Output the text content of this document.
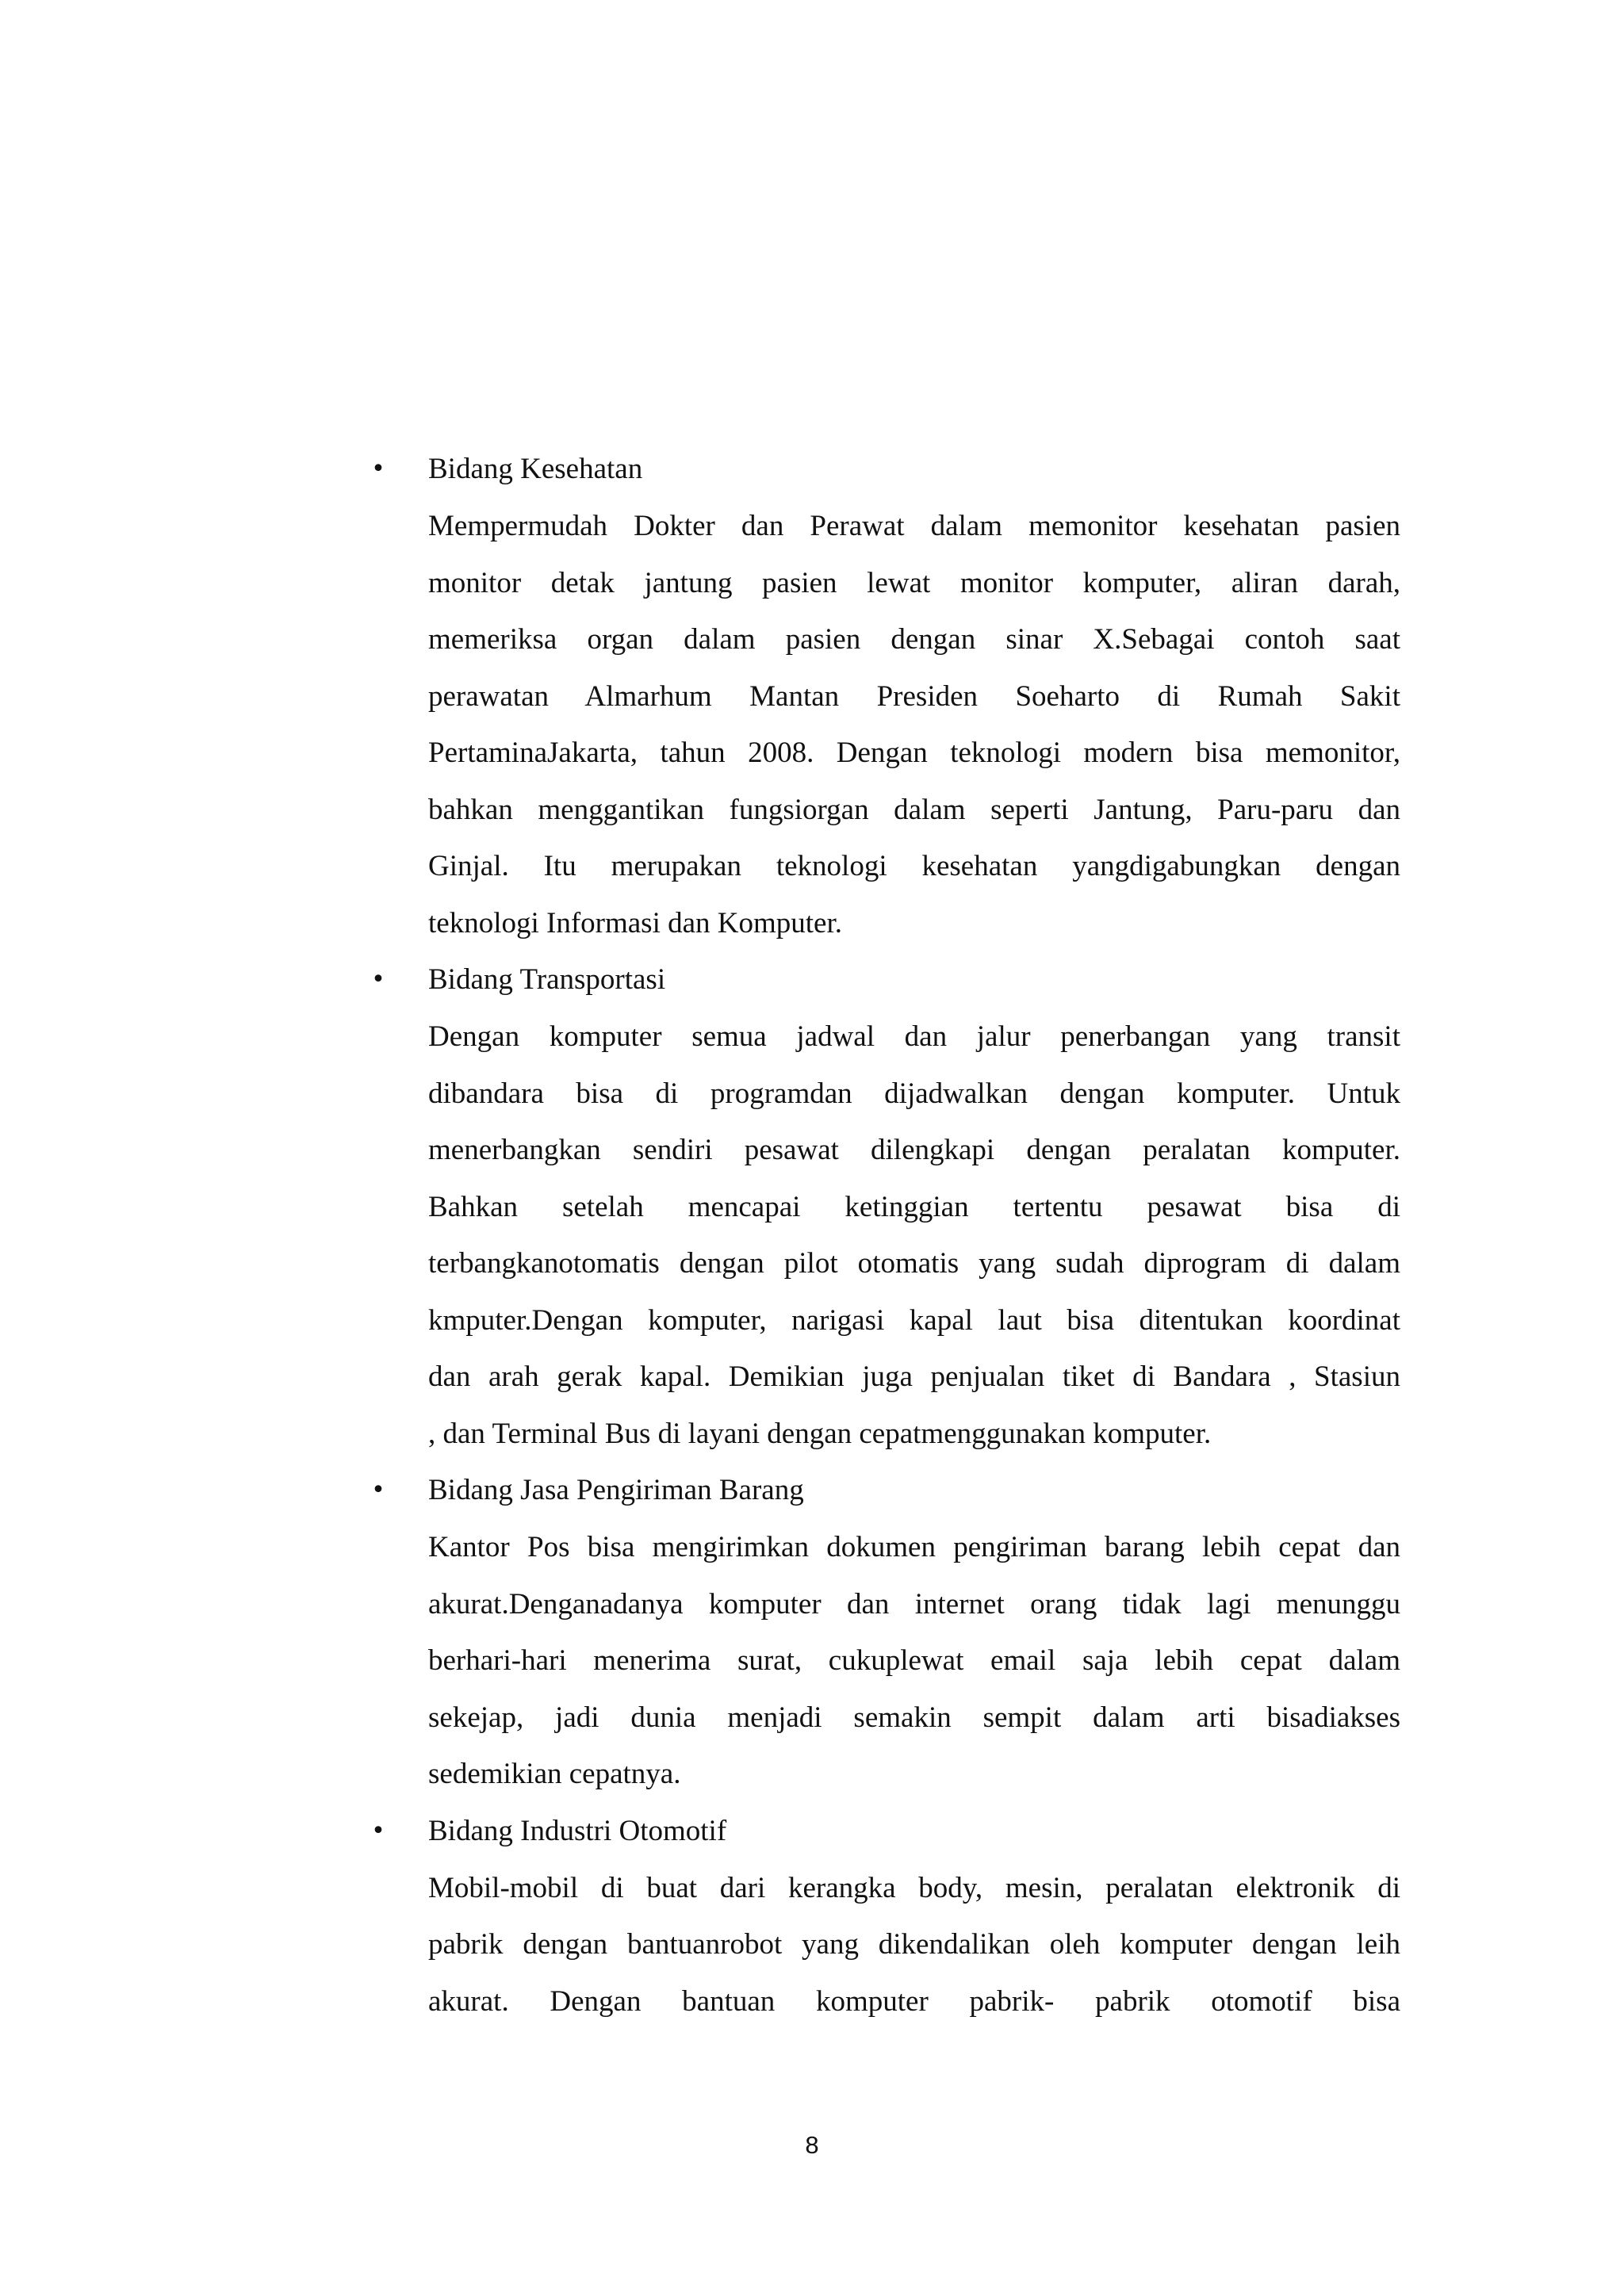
• Bidang Kesehatan
Mempermudah Dokter dan Perawat dalam memonitor kesehatan pasien
monitor detak jantung pasien lewat monitor komputer, aliran darah,
memeriksa organ dalam pasien dengan sinar X.Sebagai contoh saat
perawatan Almarhum Mantan Presiden Soeharto di Rumah Sakit
PertaminaJakarta, tahun 2008. Dengan teknologi modern bisa memonitor,
bahkan menggantikan fungsiorgan dalam seperti Jantung, Paru-paru dan
Ginjal. Itu merupakan teknologi kesehatan yangdigabungkan dengan
teknologi Informasi dan Komputer.
• Bidang Transportasi
Dengan komputer semua jadwal dan jalur penerbangan yang transit
dibandara bisa di programdan dijadwalkan dengan komputer. Untuk
menerbangkan sendiri pesawat dilengkapi dengan peralatan komputer.
Bahkan setelah mencapai ketinggian tertentu pesawat bisa di
terbangkanotomatis dengan pilot otomatis yang sudah diprogram di dalam
kmputer.Dengan komputer, narigasi kapal laut bisa ditentukan koordinat
dan arah gerak kapal. Demikian juga penjualan tiket di Bandara , Stasiun
, dan Terminal Bus di layani dengan cepatmenggunakan komputer.
• Bidang Jasa Pengiriman Barang
Kantor Pos bisa mengirimkan dokumen pengiriman barang lebih cepat dan
akurat.Denganadanya komputer dan internet orang tidak lagi menunggu
berhari-hari menerima surat, cukuplewat email saja lebih cepat dalam
sekejap, jadi dunia menjadi semakin sempit dalam arti bisadiakses
sedemikian cepatnya.
• Bidang Industri Otomotif
Mobil-mobil di buat dari kerangka body, mesin, peralatan elektronik di
pabrik dengan bantuanrobot yang dikendalikan oleh komputer dengan leih
akurat. Dengan bantuan komputer pabrik- pabrik otomotif bisa
8
